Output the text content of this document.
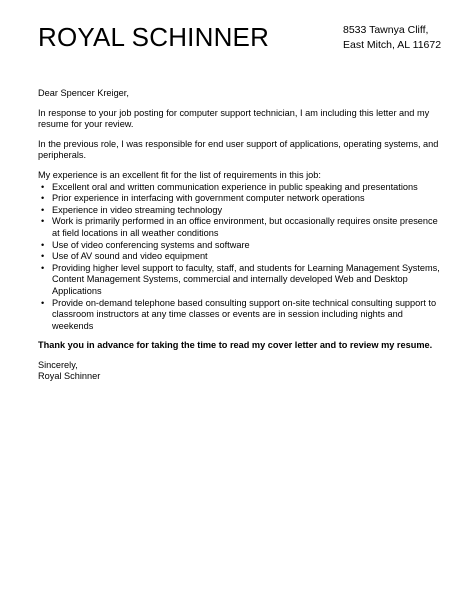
ROYAL SCHINNER	8533 Tawnya Cliff,
East Mitch, AL 11672

Dear Spencer Kreiger,

In response to your job posting for computer support technician, I am including this letter and my resume for your review.

In the previous role, I was responsible for end user support of applications, operating systems, and peripherals.

My experience is an excellent fit for the list of requirements in this job:

• Excellent oral and written communication experience in public speaking and presentations
• Prior experience in interfacing with government computer network operations
• Experience in video streaming technology
• Work is primarily performed in an office environment, but occasionally requires onsite presence at field locations in all weather conditions
• Use of video conferencing systems and software
• Use of AV sound and video equipment
• Providing higher level support to faculty, staff, and students for Learning Management Systems, Content Management Systems, commercial and internally developed Web and Desktop Applications
• Provide on-demand telephone based consulting support on-site technical consulting support to classroom instructors at any time classes or events are in session including nights and weekends

Thank you in advance for taking the time to read my cover letter and to review my resume.

Sincerely,

Royal Schinner
